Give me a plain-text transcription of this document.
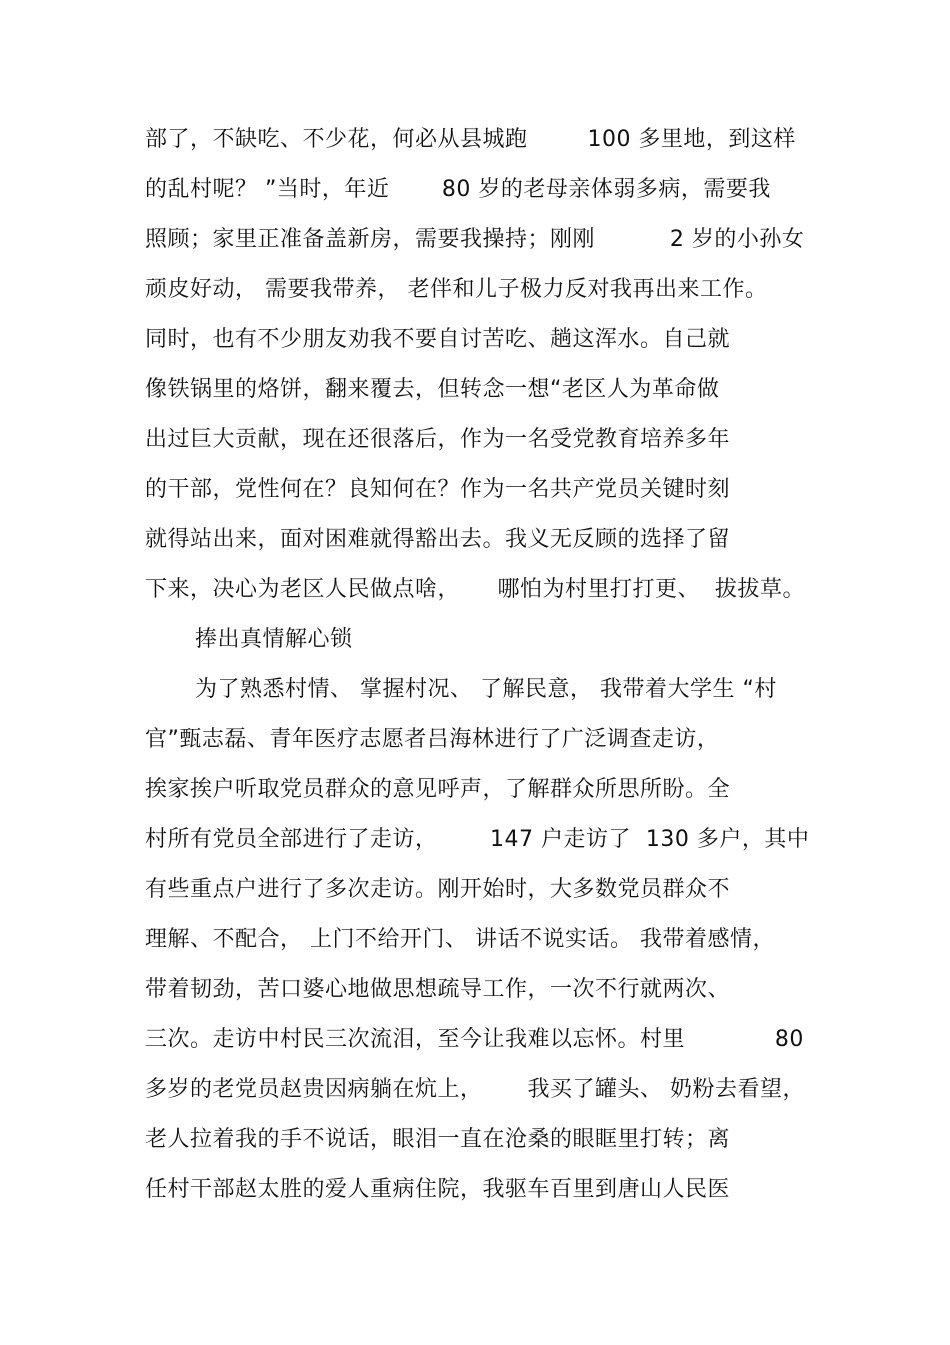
部了，不缺吃、不少花，何必从县城跑        100 多里地，到这样
的乱村呢？ ”当时，年近       80 岁的老母亲体弱多病，需要我
照顾；家里正准备盖新房，需要我操持；刚刚          2 岁的小孙女
顽皮好动， 需要我带养， 老伴和儿子极力反对我再出来工作。
同时，也有不少朋友劝我不要自讨苦吃、趟这浑水。自己就
像铁锅里的烙饼，翻来覆去，但转念一想“老区人为革命做
出过巨大贡献，现在还很落后，作为一名受党教育培养多年
的干部，党性何在？良知何在？作为一名共产党员关键时刻
就得站出来，面对困难就得豁出去。我义无反顾的选择了留
下来，决心为老区人民做点啥，     哪怕为村里打打更、  拔拔草。
捧出真情解心锁
为了熟悉村情、 掌握村况、 了解民意， 我带着大学生 “村
官”甄志磊、青年医疗志愿者吕海林进行了广泛调查走访，
挨家挨户听取党员群众的意见呼声，了解群众所思所盼。全
村所有党员全部进行了走访，       147 户走访了  130 多户，其中
有些重点户进行了多次走访。刚开始时，大多数党员群众不
理解、不配合， 上门不给开门、 讲话不说实话。 我带着感情，
带着韧劲，苦口婆心地做思想疏导工作，一次不行就两次、
三次。走访中村民三次流泪，至今让我难以忘怀。村里            80
多岁的老党员赵贵因病躺在炕上，      我买了罐头、 奶粉去看望，
老人拉着我的手不说话，眼泪一直在沧桑的眼眶里打转；离
任村干部赵太胜的爱人重病住院，我驱车百里到唐山人民医
